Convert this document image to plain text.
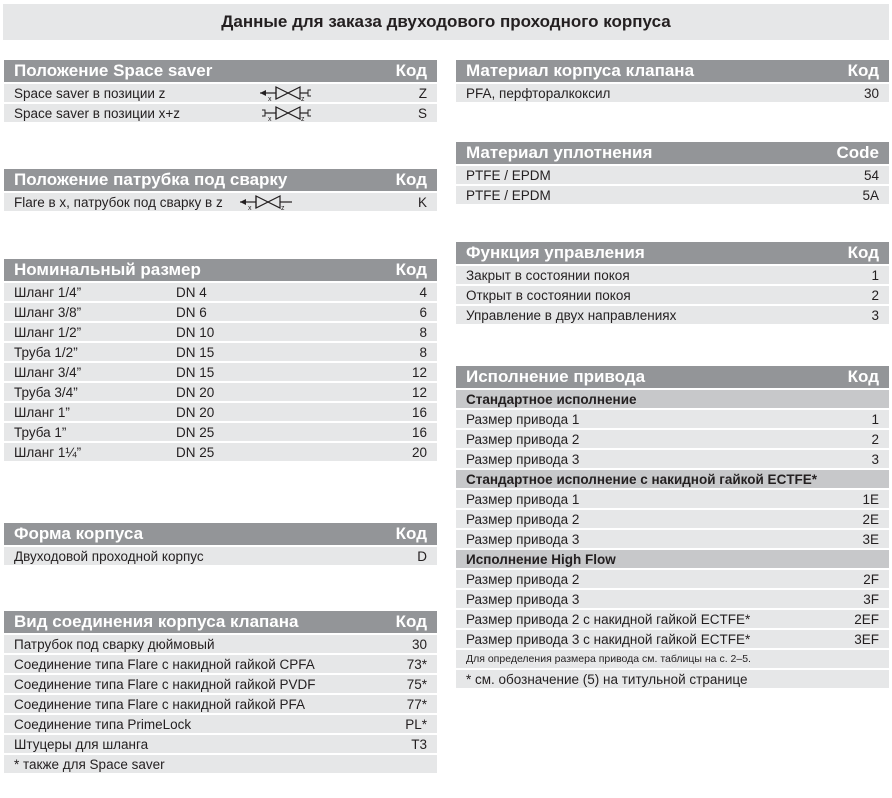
Данные для заказа двуходового проходного корпуса
Положение Space saver	Код
Space saver в позиции z	x	z	Z
Space saver в позиции x+z	x	z	S
Положение патрубка под сварку	Код
Flare в x, патрубок под сварку в z	x	z	K
Номинальный размер	Код
Шланг 1/4”	DN 4	4
Шланг 3/8”	DN 6	6
Шланг 1/2”	DN 10	8
Труба 1/2”	DN 15	8
Шланг 3/4”	DN 15	12
Труба 3/4”	DN 20	12
Шланг 1”	DN 20	16
Труба 1”	DN 25	16
Шланг 1¼”	DN 25	20
Форма корпуса	Код
Двуходовой проходной корпус	D
Вид соединения корпуса клапана	Код
Патрубок под сварку дюймовый	30
Соединение типа Flare с накидной гайкой CPFA	73*
Соединение типа Flare с накидной гайкой PVDF	75*
Соединение типа Flare с накидной гайкой PFA	77*
Соединение типа PrimeLock	PL*
Штуцеры для шланга	T3
* также для Space saver
Материал корпуса клапана	Код
PFA, перфторалкоксил	30
Материал уплотнения	Code
PTFE / EPDM	54
PTFE / EPDM	5A
Функция управления	Код
Закрыт в состоянии покоя	1
Открыт в состоянии покоя	2
Управление в двух направлениях	3
Исполнение привода	Код
Стандартное исполнение
Размер привода 1	1
Размер привода 2	2
Размер привода 3	3
Стандартное исполнение с накидной гайкой ECTFE*
Размер привода 1	1E
Размер привода 2	2E
Размер привода 3	3E
Исполнение High Flow
Размер привода 2	2F
Размер привода 3	3F
Размер привода 2 с накидной гайкой ECTFE*	2EF
Размер привода 3 с накидной гайкой ECTFE*	3EF
Для определения размера привода см. таблицы на с. 2–5.
* см. обозначение (5) на титульной странице
